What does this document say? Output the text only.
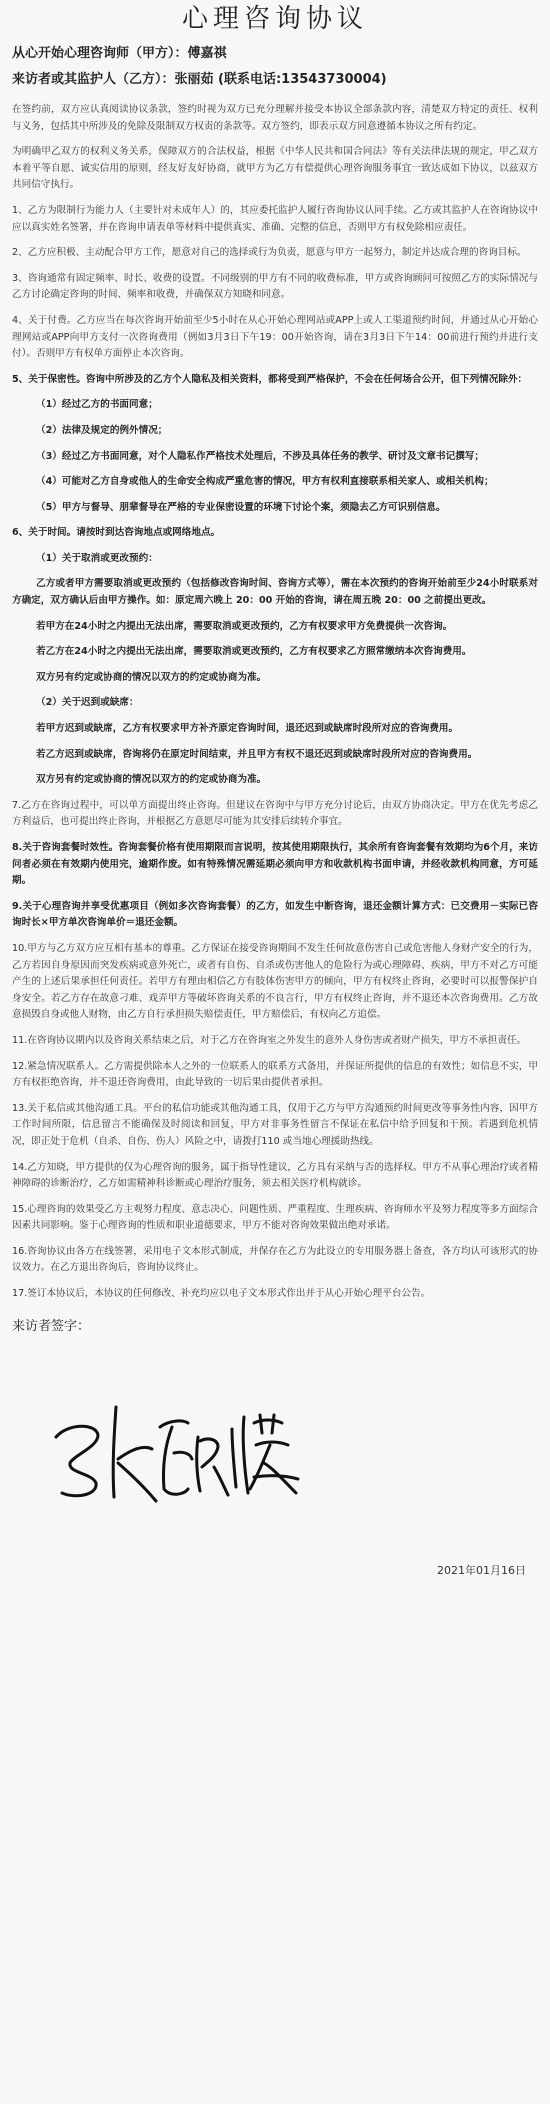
心理咨询协议
从心开始心理咨询师（甲方）：傅嘉祺
来访者或其监护人（乙方）：张丽茹 (联系电话:13543730004)

在签约前，双方应认真阅读协议条款，签约时视为双方已充分理解并接受本协议全部条款内容，清楚双方特定的责任、权利与义务，包括其中所涉及的免除及限制双方权责的条款等。双方签约，即表示双方同意遵循本协议之所有约定。

为明确甲乙双方的权利义务关系，保障双方的合法权益，根据《中华人民共和国合同法》等有关法律法规的规定，甲乙双方本着平等自愿、诚实信用的原则，经友好友好协商，就甲方为乙方有偿提供心理咨询服务事宜一致达成如下协议，以兹双方共同信守执行。

1、乙方为限制行为能力人（主要针对未成年人）的，其应委托监护人履行咨询协议认同手续。乙方或其监护人在咨询协议中应以真实姓名签署，并在咨询申请表单等材料中提供真实、准确、完整的信息，否则甲方有权免除相应责任。

2、乙方应积极、主动配合甲方工作，愿意对自己的选择或行为负责，愿意与甲方一起努力，制定并达成合理的咨询目标。

3、咨询通常有固定频率、时长、收费的设置。不同级别的甲方有不同的收费标准，甲方或咨询顾问可按照乙方的实际情况与乙方讨论确定咨询的时间、频率和收费，并确保双方知晓和同意。

4、关于付费。乙方应当在每次咨询开始前至少5小时在从心开始心理网站或APP上或人工渠道预约时间，并通过从心开始心理网站或APP向甲方支付一次咨询费用（例如3月3日下午19：00开始咨询，请在3月3日下午14：00前进行预约并进行支付）。否则甲方有权单方面停止本次咨询。

5、关于保密性。咨询中所涉及的乙方个人隐私及相关资料，都将受到严格保护，不会在任何场合公开，但下列情况除外：

（1）经过乙方的书面同意；

（2）法律及规定的例外情况；

（3）经过乙方书面同意，对个人隐私作严格技术处理后，不涉及具体任务的教学、研讨及文章书记撰写；

（4）可能对乙方自身或他人的生命安全构成严重危害的情况，甲方有权利直接联系相关家人、或相关机构；

（5）甲方与督导、朋辈督导在严格的专业保密设置的环境下讨论个案，须隐去乙方可识别信息。

6、关于时间。请按时到达咨询地点或网络地点。

（1）关于取消或更改预约：

乙方或者甲方需要取消或更改预约（包括修改咨询时间、咨询方式等），需在本次预约的咨询开始前至少24小时联系对方确定，双方确认后由甲方操作。如：原定周六晚上 20：00 开始的咨询，请在周五晚 20：00 之前提出更改。

若甲方在24小时之内提出无法出席，需要取消或更改预约，乙方有权要求甲方免费提供一次咨询。

若乙方在24小时之内提出无法出席，需要取消或更改预约，乙方有权要求乙方照常缴纳本次咨询费用。

双方另有约定或协商的情况以双方的约定或协商为准。

（2）关于迟到或缺席：

若甲方迟到或缺席，乙方有权要求甲方补齐原定咨询时间，退还迟到或缺席时段所对应的咨询费用。

若乙方迟到或缺席，咨询将仍在原定时间结束，并且甲方有权不退还迟到或缺席时段所对应的咨询费用。

双方另有约定或协商的情况以双方的约定或协商为准。

7.乙方在咨询过程中，可以单方面提出终止咨询。但建议在咨询中与甲方充分讨论后，由双方协商决定。甲方在优先考虑乙方利益后，也可提出终止咨询，并根据乙方意愿尽可能为其安排后续转介事宜。

8.关于咨询套餐时效性。咨询套餐价格有使用期限而言说明，按其使用期限执行，其余所有咨询套餐有效期均为6个月，来访问者必须在有效期内使用完，逾期作废。如有特殊情况需延期必须向甲方和收款机构书面申请，并经收款机构同意，方可延期。

9.关于心理咨询并享受优惠项目（例如多次咨询套餐）的乙方，如发生中断咨询，退还金额计算方式：已交费用－实际已咨询时长×甲方单次咨询单价＝退还金额。

10.甲方与乙方双方应互相有基本的尊重。乙方保证在接受咨询期间不发生任何故意伤害自己或危害他人身财产安全的行为，乙方若因自身原因而突发疾病或意外死亡，或者有自伤、自杀或伤害他人的危险行为或心理障碍、疾病，甲方不对乙方可能产生的上述后果承担任何责任。若甲方有理由相信乙方有肢体伤害甲方的倾向，甲方有权终止咨询，必要时可以报警保护自身安全。若乙方存在故意刁难、戏弄甲方等破坏咨询关系的不良言行，甲方有权终止咨询，并不退还本次咨询费用。乙方故意损毁自身或他人财物，由乙方自行承担损失赔偿责任，甲方赔偿后，有权向乙方追偿。

11.在咨询协议期内以及咨询关系结束之后，对于乙方在咨询室之外发生的意外人身伤害或者财产损失，甲方不承担责任。

12.紧急情况联系人。乙方需提供除本人之外的一位联系人的联系方式备用，并保证所提供的信息的有效性；如信息不实，甲方有权拒绝咨询，并不退还咨询费用，由此导致的一切后果由提供者承担。

13.关于私信或其他沟通工具。平台的私信功能或其他沟通工具，仅用于乙方与甲方沟通预约时间更改等事务性内容，因甲方工作时间所限，信息留言不能确保及时阅读和回复，甲方对非事务性留言不保证在私信中给予回复和干预。若遇到危机情况，即正处于危机（自杀、自伤、伤人）风险之中，请拨打110 或当地心理援助热线。

14.乙方知晓，甲方提供的仅为心理咨询的服务，属于指导性建议，乙方具有采纳与否的选择权。甲方不从事心理治疗或者精神障碍的诊断治疗，乙方如需精神科诊断或心理治疗服务，须去相关医疗机构就诊。

15.心理咨询的效果受乙方主观努力程度、意志决心、问题性质、严重程度、生理疾病、咨询师水平及努力程度等多方面综合因素共同影响。鉴于心理咨询的性质和职业道德要求，甲方不能对咨询效果做出绝对承诺。

16.咨询协议由各方在线签署，采用电子文本形式制成，并保存在乙方为此设立的专用服务器上备查，各方均认可该形式的协议效力。在乙方退出咨询后，咨询协议终止。

17.签订本协议后，本协议的任何修改、补充均应以电子文本形式作出并于从心开始心理平台公告。

来访者签字：
2021年01月16日
